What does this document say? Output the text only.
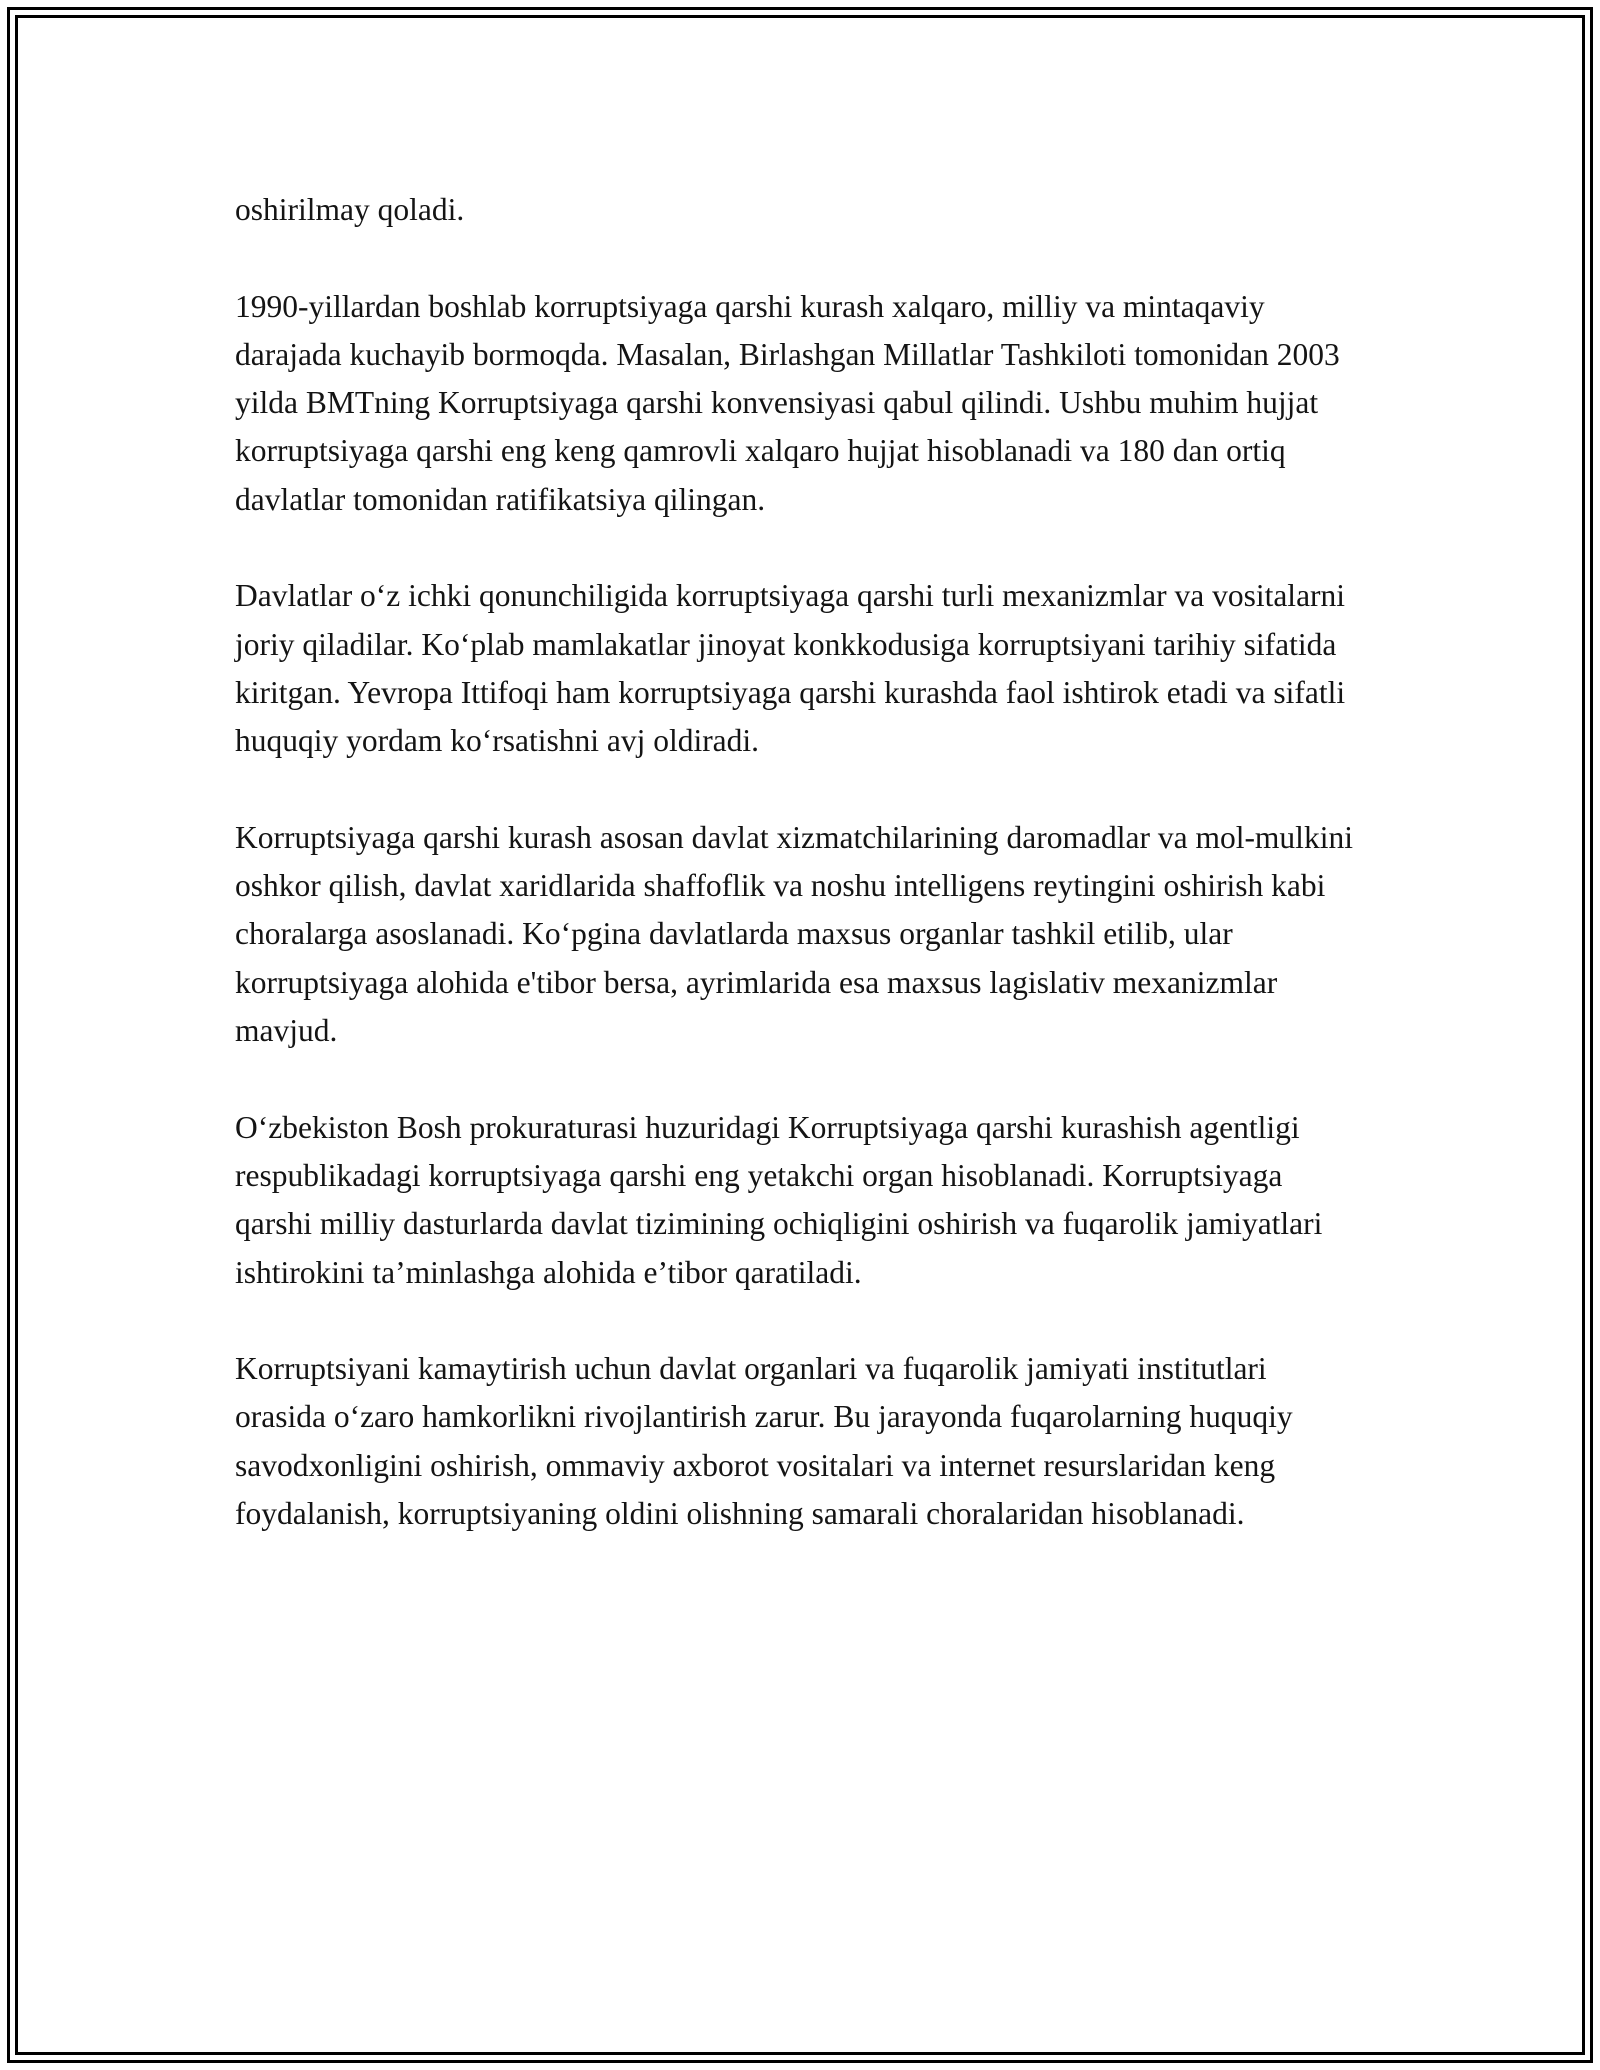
oshirilmay qoladi.

1990-yillardan boshlab korruptsiyaga qarshi kurash xalqaro, milliy va mintaqaviy darajada kuchayib bormoqda. Masalan, Birlashgan Millatlar Tashkiloti tomonidan 2003 yilda BMTning Korruptsiyaga qarshi konvensiyasi qabul qilindi. Ushbu muhim hujjat korruptsiyaga qarshi eng keng qamrovli xalqaro hujjat hisoblanadi va 180 dan ortiq davlatlar tomonidan ratifikatsiya qilingan.

Davlatlar o‘z ichki qonunchiligida korruptsiyaga qarshi turli mexanizmlar va vositalarni joriy qiladilar. Ko‘plab mamlakatlar jinoyat konkkodusiga korruptsiyani tarihiy sifatida kiritgan. Yevropa Ittifoqi ham korruptsiyaga qarshi kurashda faol ishtirok etadi va sifatli huquqiy yordam ko‘rsatishni avj oldiradi.

Korruptsiyaga qarshi kurash asosan davlat xizmatchilarining daromadlar va mol-mulkini oshkor qilish, davlat xaridlarida shaffoflik va noshu intelligens reytingini oshirish kabi choralarga asoslanadi. Ko‘pgina davlatlarda maxsus organlar tashkil etilib, ular korruptsiyaga alohida e'tibor bersa, ayrimlarida esa maxsus lagislativ mexanizmlar mavjud.

O‘zbekiston Bosh prokuraturasi huzuridagi Korruptsiyaga qarshi kurashish agentligi respublikadagi korruptsiyaga qarshi eng yetakchi organ hisoblanadi. Korruptsiyaga qarshi milliy dasturlarda davlat tizimining ochiqligini oshirish va fuqarolik jamiyatlari ishtirokini ta’minlashga alohida e’tibor qaratiladi.

Korruptsiyani kamaytirish uchun davlat organlari va fuqarolik jamiyati institutlari orasida o‘zaro hamkorlikni rivojlantirish zarur. Bu jarayonda fuqarolarning huquqiy savodxonligini oshirish, ommaviy axborot vositalari va internet resurslaridan keng foydalanish, korruptsiyaning oldini olishning samarali choralaridan hisoblanadi.
